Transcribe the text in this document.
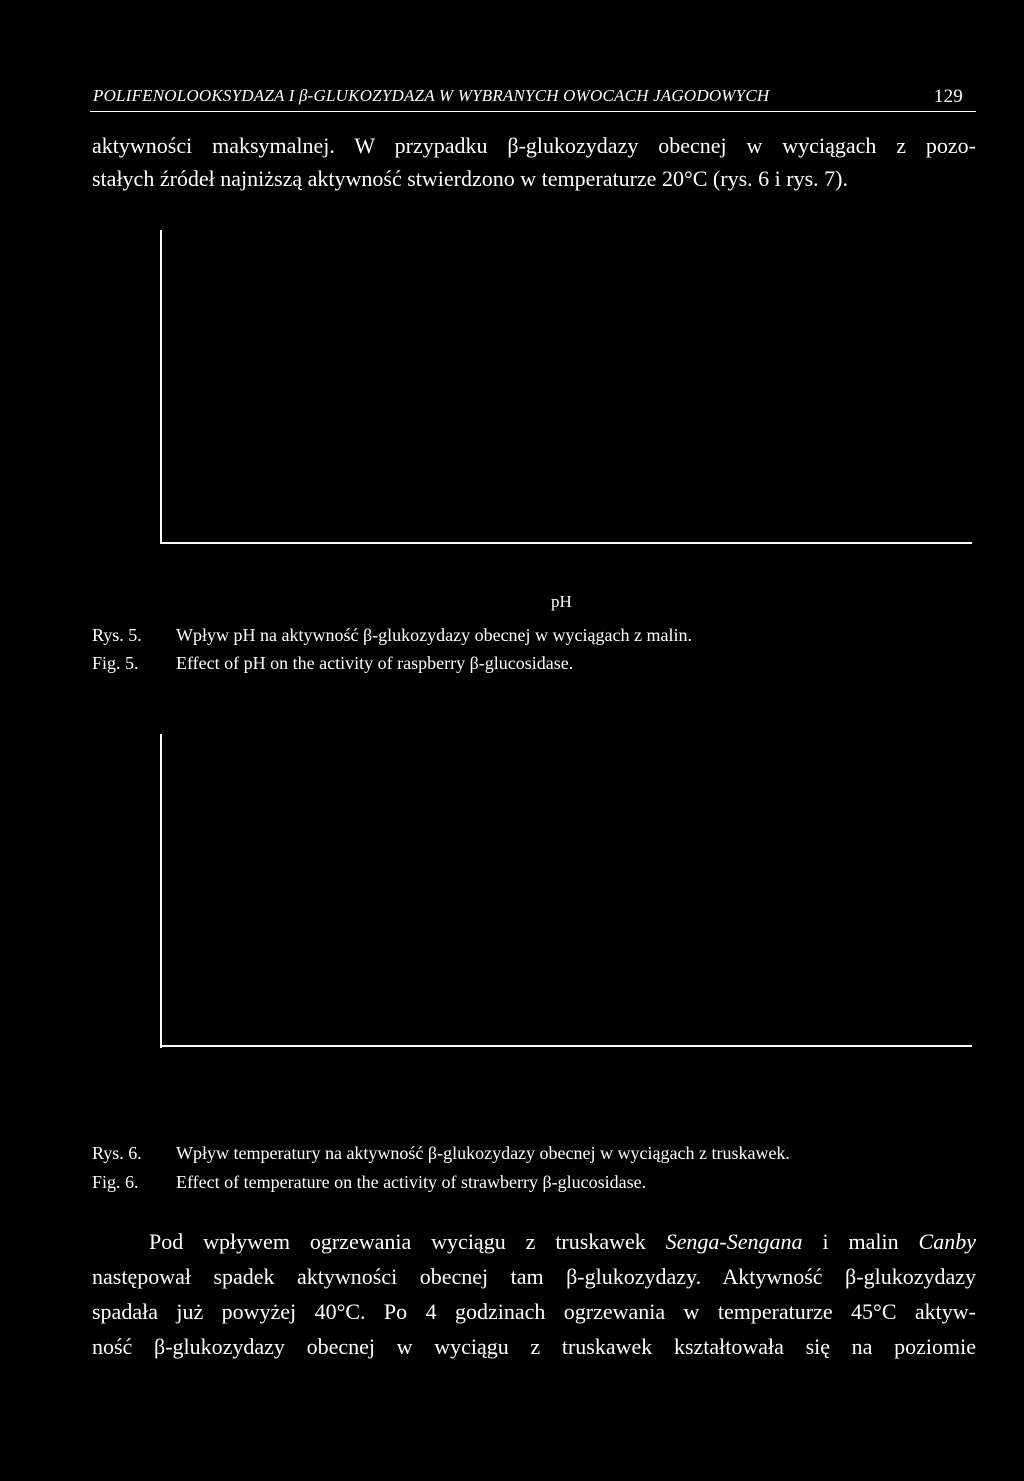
POLIFENOLOOKSYDAZA I β-GLUKOZYDAZA W WYBRANYCH OWOCACH JAGODOWYCH	129
aktywności maksymalnej. W przypadku β-glukozydazy obecnej w wyciągach z pozo-
stałych źródeł najniższą aktywność stwierdzono w temperaturze 20°C (rys. 6 i rys. 7).
pH
Rys. 5. Wpływ pH na aktywność β-glukozydazy obecnej w wyciągach z malin.
Fig. 5. Effect of pH on the activity of raspberry β-glucosidase.
Rys. 6. Wpływ temperatury na aktywność β-glukozydazy obecnej w wyciągach z truskawek.
Fig. 6. Effect of temperature on the activity of strawberry β-glucosidase.
Pod wpływem ogrzewania wyciągu z truskawek Senga-Sengana i malin Canby
następował spadek aktywności obecnej tam β-glukozydazy. Aktywność β-glukozydazy
spadała już powyżej 40°C. Po 4 godzinach ogrzewania w temperaturze 45°C aktyw-
ność β-glukozydazy obecnej w wyciągu z truskawek kształtowała się na poziomie
